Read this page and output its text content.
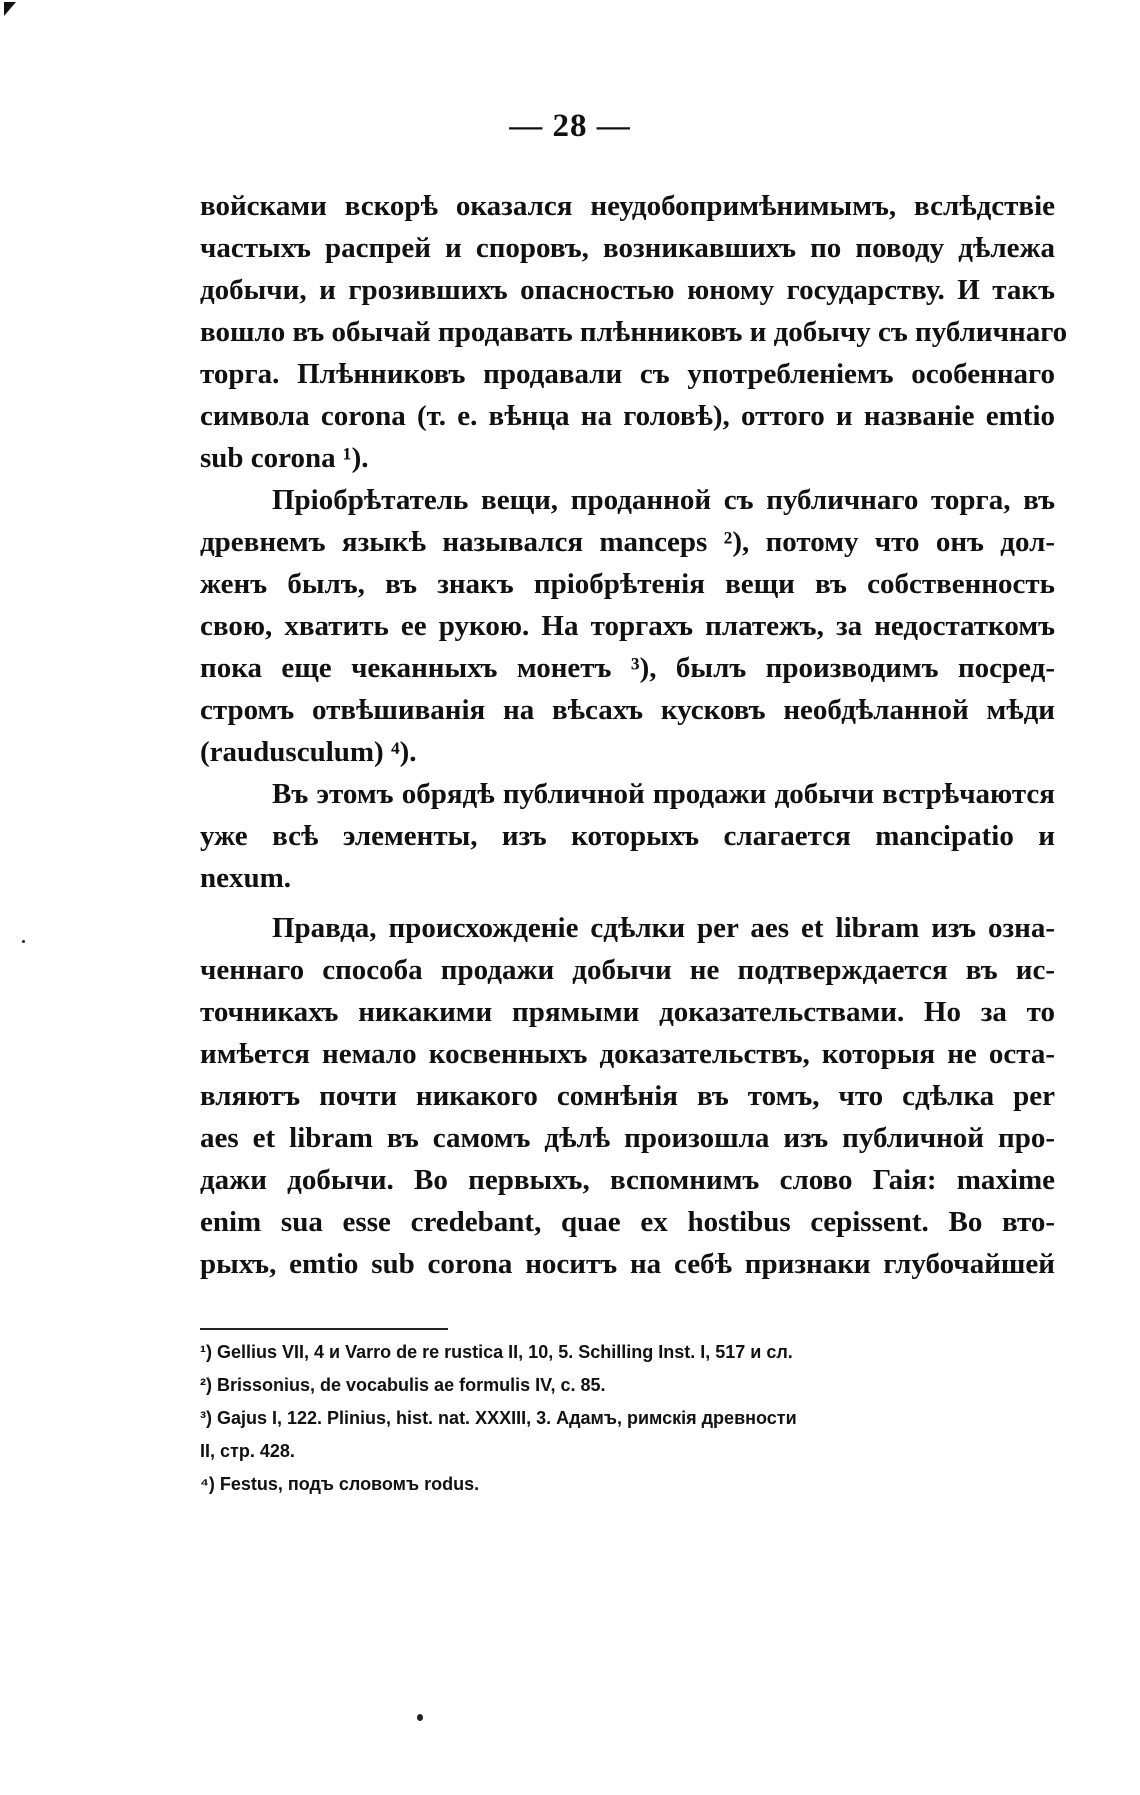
— 28 —
войсками вскорѣ оказался неудобопримѣнимымъ, вслѣдствіе
частыхъ распрей и споровъ, возникавшихъ по поводу дѣлежа
добычи, и грозившихъ опасностью юному государству. И такъ
вошло въ обычай продавать плѣнниковъ и добычу съ публичнаго
торга. Плѣнниковъ продавали съ употребленіемъ особеннаго
символа corona (т. е. вѣнца на головѣ), оттого и названіе emtio
sub corona ¹).
Пріобрѣтатель вещи, проданной съ публичнаго торга, въ
древнемъ языкѣ назывался manceps ²), потому что онъ дол-
женъ былъ, въ знакъ пріобрѣтенія вещи въ собственность
свою, хватить ее рукою. На торгахъ платежъ, за недостаткомъ
пока еще чеканныхъ монетъ ³), былъ производимъ посред-
стромъ отвѣшиванія на вѣсахъ кусковъ необдѣланной мѣди
(raudusculum) ⁴).
Въ этомъ обрядѣ публичной продажи добычи встрѣчаются
уже всѣ элементы, изъ которыхъ слагается mancipatio и
nexum.
Правда, происхожденіе сдѣлки per aes et libram изъ озна-
ченнаго способа продажи добычи не подтверждается въ ис-
точникахъ никакими прямыми доказательствами. Но за то
имѣется немало косвенныхъ доказательствъ, которыя не оста-
вляютъ почти никакого сомнѣнія въ томъ, что сдѣлка per
aes et libram въ самомъ дѣлѣ произошла изъ публичной про-
дажи добычи. Во первыхъ, вспомнимъ слово Гаія: maxime
enim sua esse credebant, quae ex hostibus cepissent. Во вто-
рыхъ, emtio sub corona носитъ на себѣ признаки глубочайшей
¹) Gellius VII, 4 и Varro de re rustica II, 10, 5. Schilling Inst. I, 517 и сл.
²) Brissonius, de vocabulis ae formulis IV, c. 85.
³) Gajus I, 122. Plinius, hist. nat. XXXIII, 3. Адамъ, римскія древности
II, стр. 428.
⁴) Festus, подъ словомъ rodus.
